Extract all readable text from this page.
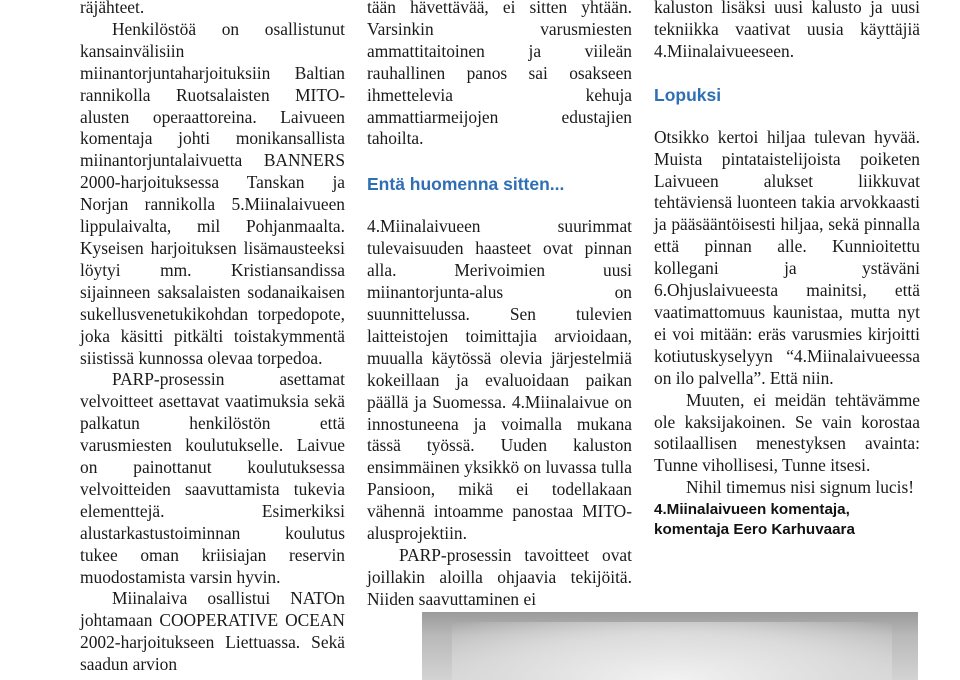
räjähteet.

Henkilöstöä on osallistunut kansainvälisiin miinantorjuntaharjoituksiin Baltian rannikolla Ruotsalaisten MITO-alusten operaattoreina. Laivueen komentaja johti monikansallista miinantorjuntalaivuetta BANNERS 2000-harjoituksessa Tanskan ja Norjan rannikolla 5.Miinalaivueen lippulaivalta, mil Pohjanmaalta. Kyseisen harjoituksen lisämausteeksi löytyi mm. Kristiansandissa sijainneen saksalaisten sodanaikaisen sukellusvenetukikohdan torpedopote, joka käsitti pitkälti toistakymmentä siistissä kunnossa olevaa torpedoa.

PARP-prosessin asettamat velvoitteet asettavat vaatimuksia sekä palkatun henkilöstön että varusmiesten koulutukselle. Laivue on painottanut koulutuksessa velvoitteiden saavuttamista tukevia elementtejä. Esimerkiksi alustarkastustoiminnan koulutus tukee oman kriisiajan reservin muodostamista varsin hyvin.

Miinalaiva osallistui NATOn johtamaan COOPERATIVE OCEAN 2002-harjoitukseen Liettuassa. Sekä saadun arvion

tään hävettävää, ei sitten yhtään. Varsinkin varusmiesten ammattitaitoinen ja viileän rauhallinen panos sai osakseen ihmettelevia kehuja ammattiarmeijojen edustajien tahoilta.

Entä huomenna sitten...

4.Miinalaivueen suurimmat tulevaisuuden haasteet ovat pinnan alla. Merivoimien uusi miinantorjunta-alus on suunnittelussa. Sen tulevien laitteistojen toimittajia arvioidaan, muualla käytössä olevia järjestelmiä kokeillaan ja evaluoidaan paikan päällä ja Suomessa. 4.Miinalaivue on innostuneena ja voimalla mukana tässä työssä. Uuden kaluston ensimmäinen yksikkö on luvassa tulla Pansioon, mikä ei todellakaan vähennä intoamme panostaa MITO-alusprojektiin.

PARP-prosessin tavoitteet ovat joillakin aloilla ohjaavia tekijöitä. Niiden saavuttaminen ei

kaluston lisäksi uusi kalusto ja uusi tekniikka vaativat uusia käyttäjiä 4.Miinalaivueeseen.

Lopuksi

Otsikko kertoi hiljaa tulevan hyvää. Muista pintataistelijoista poiketen Laivueen alukset liikkuvat tehtäviensä luonteen takia arvokkaasti ja pääsääntöisesti hiljaa, sekä pinnalla että pinnan alle. Kunnioitettu kollegani ja ystäväni 6.Ohjuslaivueesta mainitsi, että vaatimattomuus kaunistaa, mutta nyt ei voi mitään: eräs varusmies kirjoitti kotiutuskyselyyn “4.Miinalaivueessa on ilo palvella”. Että niin.

Muuten, ei meidän tehtävämme ole kaksijakoinen. Se vain korostaa sotilaallisen menestyksen avainta: Tunne vihollisesi, Tunne itsesi.

Nihil timemus nisi signum lucis!

4.Miinalaivueen komentaja,
komentaja Eero Karhuvaara
